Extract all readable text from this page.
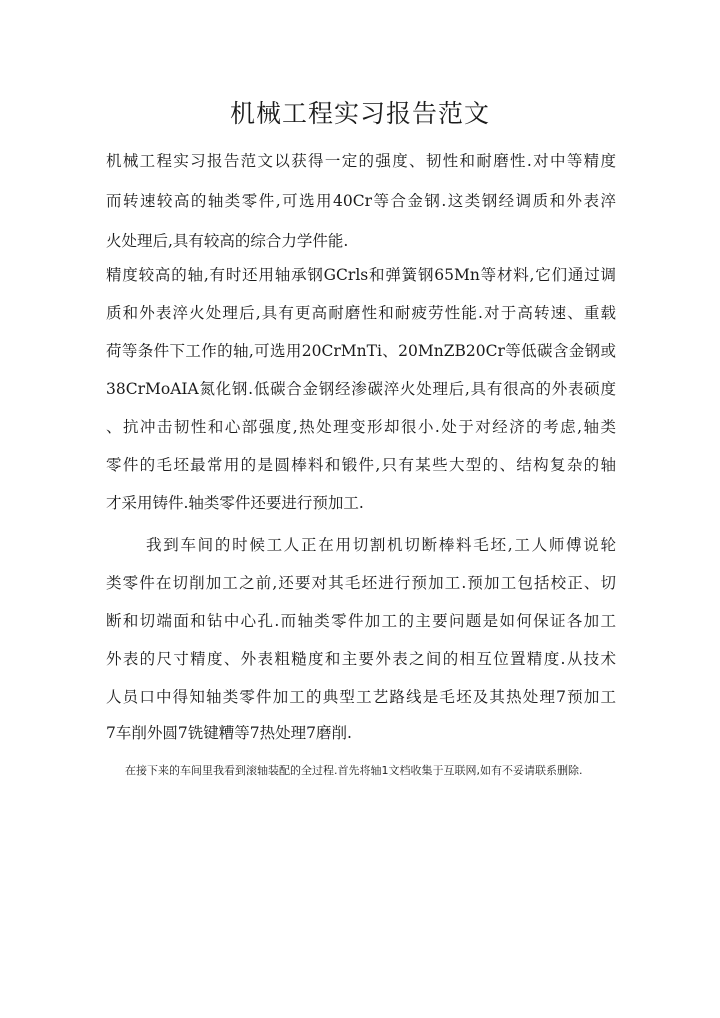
机械工程实习报告范文
机械工程实习报告范文以获得一定的强度、韧性和耐磨性.对中等精度
而转速较高的轴类零件,可选用40Cr等合金钢.这类钢经调质和外表淬
火处理后,具有较高的综合力学件能.
精度较高的轴,有时还用轴承钢GCrls和弹簧钢65Mn等材料,它们通过调
质和外表淬火处理后,具有更高耐磨性和耐疲劳性能.对于高转速、重载
荷等条件下工作的轴,可选用20CrMnTi、20MnZB20Cr等低碳含金钢或
38CrMoAIA氮化钢.低碳合金钢经渗碳淬火处理后,具有很高的外表硕度
、抗冲击韧性和心部强度,热处理变形却很小.处于对经济的考虑,轴类
零件的毛坯最常用的是圆棒料和锻件,只有某些大型的、结构复杂的轴
才采用铸件.轴类零件还要进行预加工.
我到车间的时候工人正在用切割机切断棒料毛坯,工人师傅说轮
类零件在切削加工之前,还要对其毛坯进行预加工.预加工包括校正、切
断和切端面和钻中心孔.而轴类零件加工的主要问题是如何保证各加工
外表的尺寸精度、外表粗糙度和主要外表之间的相互位置精度.从技术
人员口中得知轴类零件加工的典型工艺路线是毛坯及其热处理7预加工
7车削外圆7铣键糟等7热处理7磨削.
在接下来的车间里我看到滚轴装配的全过程.首先将轴1文档收集于互联网,如有不妥请联系删除.
